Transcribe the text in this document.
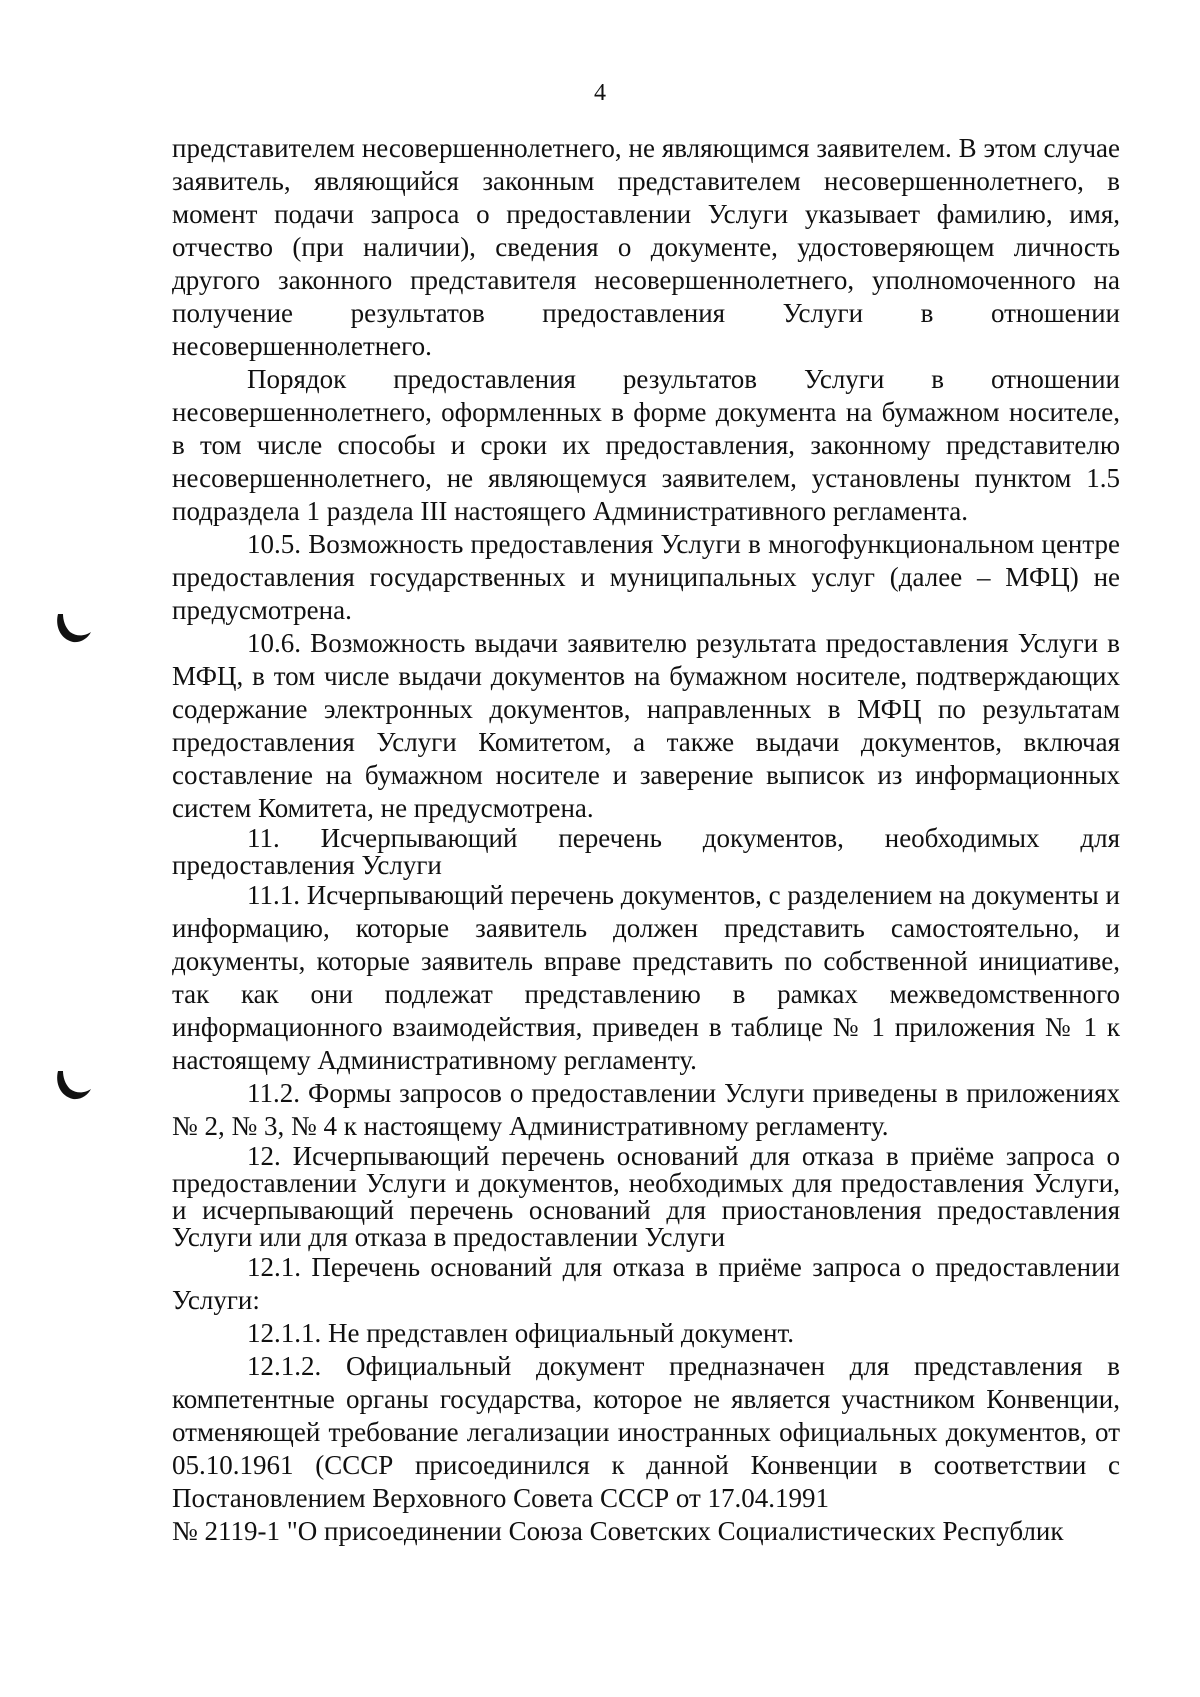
4

представителем несовершеннолетнего, не являющимся заявителем. В этом случае заявитель, являющийся законным представителем несовершеннолетнего, в момент подачи запроса о предоставлении Услуги указывает фамилию, имя, отчество (при наличии), сведения о документе, удостоверяющем личность другого законного представителя несовершеннолетнего, уполномоченного на получение результатов предоставления Услуги в отношении несовершеннолетнего.

Порядок предоставления результатов Услуги в отношении несовершеннолетнего, оформленных в форме документа на бумажном носителе, в том числе способы и сроки их предоставления, законному представителю несовершеннолетнего, не являющемуся заявителем, установлены пунктом 1.5 подраздела 1 раздела III настоящего Административного регламента.

10.5. Возможность предоставления Услуги в многофункциональном центре предоставления государственных и муниципальных услуг (далее – МФЦ) не предусмотрена.

10.6. Возможность выдачи заявителю результата предоставления Услуги в МФЦ, в том числе выдачи документов на бумажном носителе, подтверждающих содержание электронных документов, направленных в МФЦ по результатам предоставления Услуги Комитетом, а также выдачи документов, включая составление на бумажном носителе и заверение выписок из информационных систем Комитета, не предусмотрена.

11. Исчерпывающий перечень документов, необходимых для предоставления Услуги

11.1. Исчерпывающий перечень документов, с разделением на документы и информацию, которые заявитель должен представить самостоятельно, и документы, которые заявитель вправе представить по собственной инициативе, так как они подлежат представлению в рамках межведомственного информационного взаимодействия, приведен в таблице № 1 приложения № 1 к настоящему Административному регламенту.

11.2. Формы запросов о предоставлении Услуги приведены в приложениях № 2, № 3, № 4 к настоящему Административному регламенту.

12. Исчерпывающий перечень оснований для отказа в приёме запроса о предоставлении Услуги и документов, необходимых для предоставления Услуги, и исчерпывающий перечень оснований для приостановления предоставления Услуги или для отказа в предоставлении Услуги

12.1. Перечень оснований для отказа в приёме запроса о предоставлении Услуги:

12.1.1. Не представлен официальный документ.

12.1.2. Официальный документ предназначен для представления в компетентные органы государства, которое не является участником Конвенции, отменяющей требование легализации иностранных официальных документов, от 05.10.1961 (СССР присоединился к данной Конвенции в соответствии с Постановлением Верховного Совета СССР от 17.04.1991

№ 2119-1 "О присоединении Союза Советских Социалистических Республик
